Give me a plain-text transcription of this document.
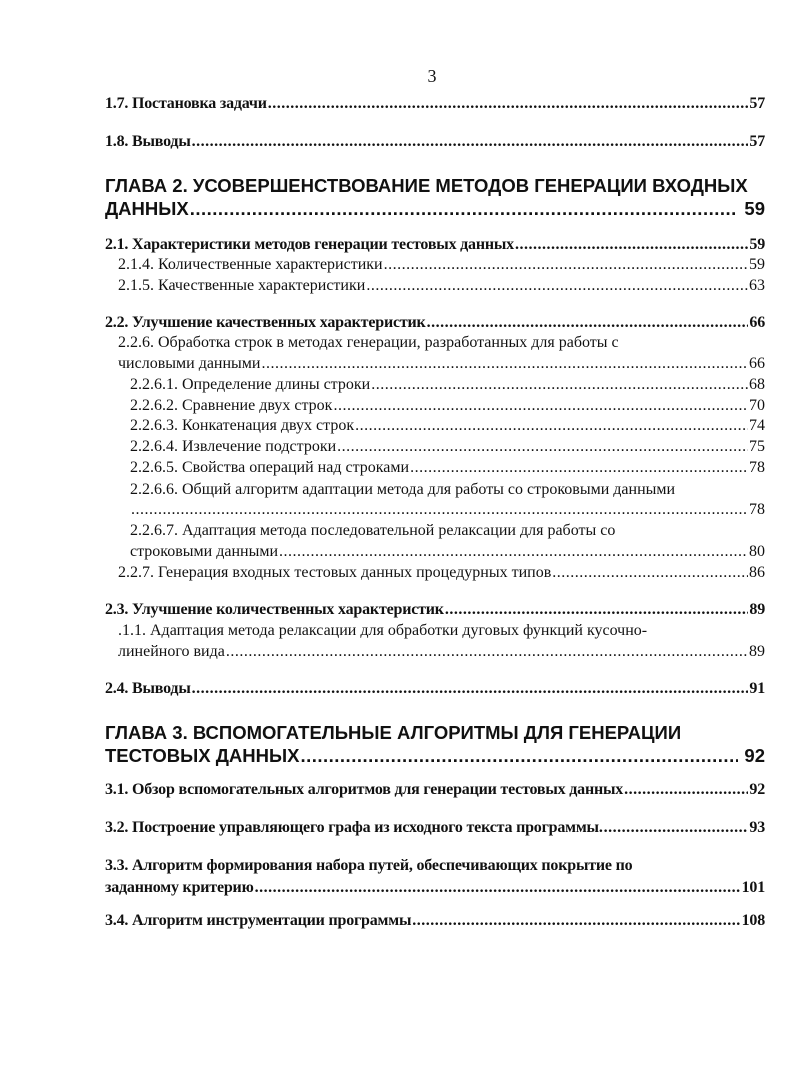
3
1.7. Постановка задачи
.....	57
1.8. Выводы
.....	57
ГЛАВА 2. УСОВЕРШЕНСТВОВАНИЕ МЕТОДОВ ГЕНЕРАЦИИ ВХОДНЫХ
ДАННЫХ
.....	59
2.1. Характеристики методов генерации тестовых данных
.....	59
2.1.4. Количественные характеристики
.....	59
2.1.5. Качественные характеристики
.....	63
2.2. Улучшение качественных характеристик
.....	66
2.2.6. Обработка строк в методах генерации, разработанных для работы с
числовыми данными
.....	66
2.2.6.1. Определение длины строки
.....	68
2.2.6.2. Сравнение двух строк
.....	70
2.2.6.3. Конкатенация двух строк
.....	74
2.2.6.4. Извлечение подстроки
.....	75
2.2.6.5. Свойства операций над строками
.....	78
2.2.6.6. Общий алгоритм адаптации метода для работы со строковыми данными
.....
78
2.2.6.7. Адаптация метода последовательной релаксации для работы со
строковыми данными
.....	80
2.2.7. Генерация входных тестовых данных процедурных типов
.....	86
2.3. Улучшение количественных характеристик
.....	89
.1.1. Адаптация метода релаксации для обработки дуговых функций кусочно-
линейного вида
.....	89
2.4. Выводы
.....	91
ГЛАВА 3. ВСПОМОГАТЕЛЬНЫЕ АЛГОРИТМЫ ДЛЯ ГЕНЕРАЦИИ
ТЕСТОВЫХ ДАННЫХ
.....	92
3.1. Обзор вспомогательных алгоритмов для генерации тестовых данных
.....	92
3.2. Построение управляющего графа из исходного текста программы.
.....	93
3.3. Алгоритм формирования набора путей, обеспечивающих покрытие по
заданному критерию
.....	101
3.4. Алгоритм инструментации программы
.....	108
